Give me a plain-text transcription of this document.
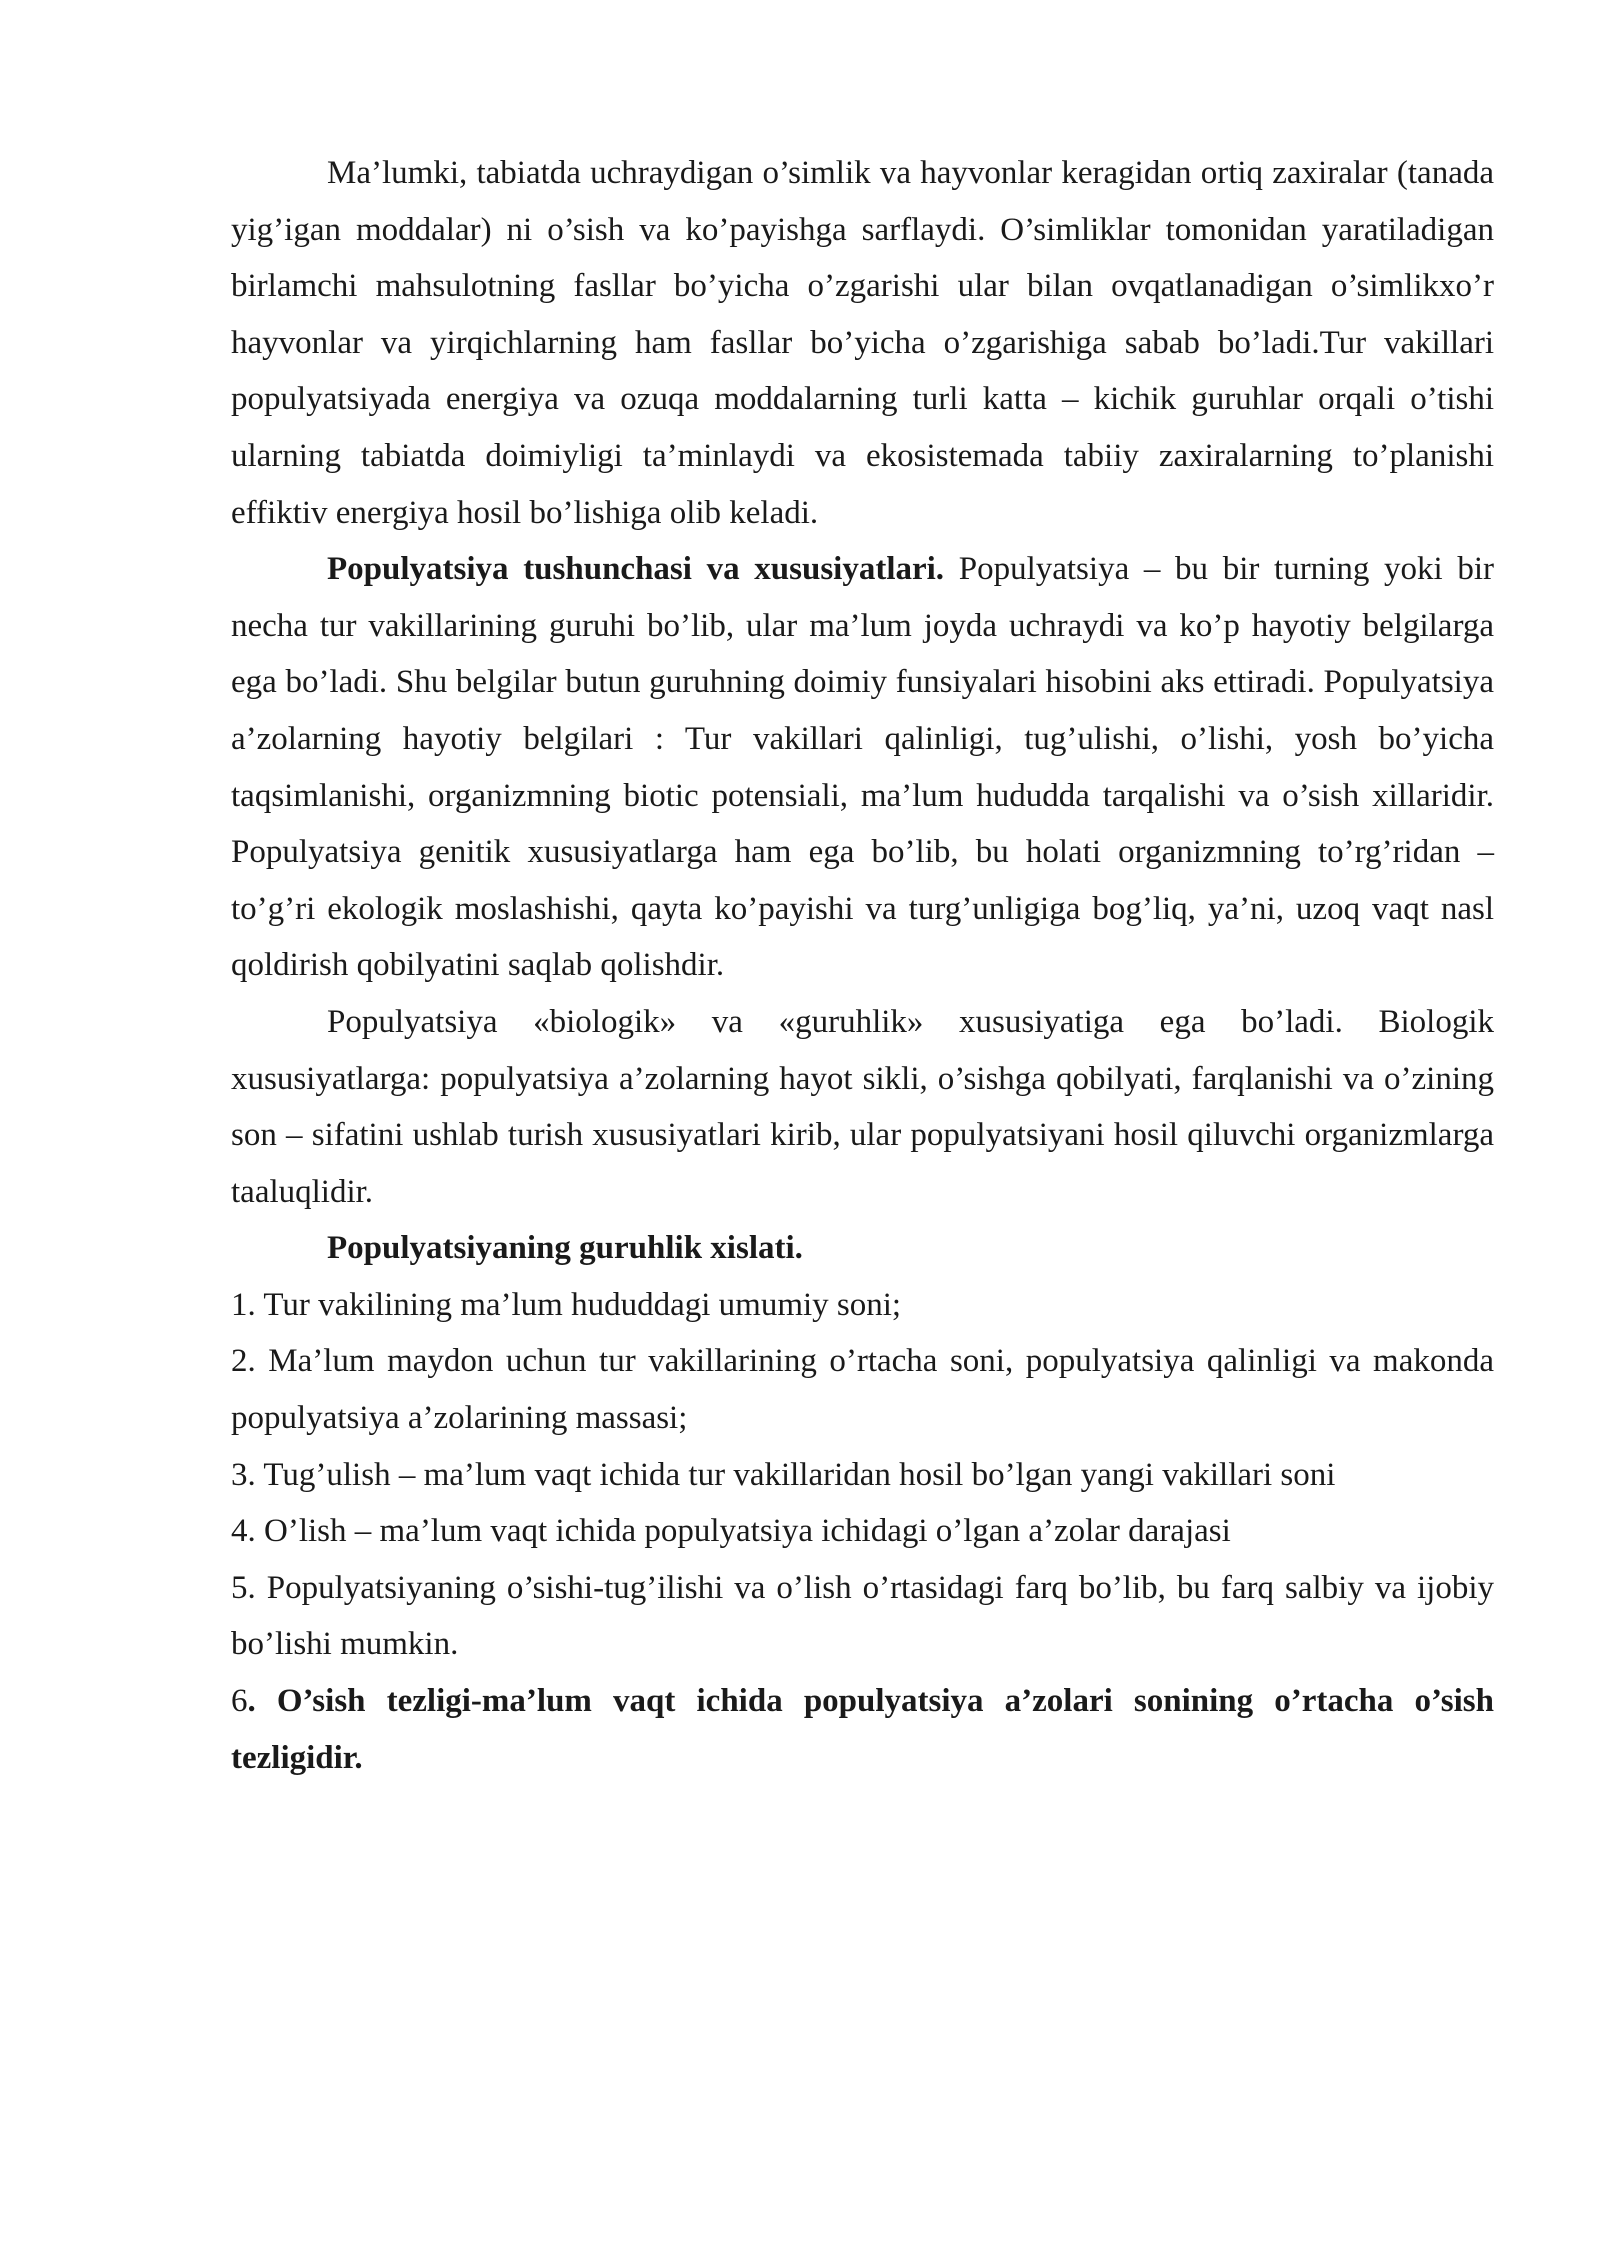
Ma’lumki, tabiatda uchraydigan o’simlik va hayvonlar keragidan ortiq zaxiralar (tanada yig’igan moddalar) ni o’sish va ko’payishga sarflaydi. O’simliklar tomonidan yaratiladigan birlamchi mahsulotning fasllar bo’yicha o’zgarishi ular bilan ovqatlanadigan o’simlikxo’r hayvonlar va yirqichlarning ham fasllar bo’yicha o’zgarishiga sabab bo’ladi.Tur vakillari populyatsiyada energiya va ozuqa moddalarning turli katta – kichik guruhlar orqali o’tishi ularning tabiatda doimiyligi ta’minlaydi va ekosistemada tabiiy zaxiralarning to’planishi effiktiv energiya hosil bo’lishiga olib keladi.

Populyatsiya tushunchasi va xususiyatlari. Populyatsiya – bu bir turning yoki bir necha tur vakillarining guruhi bo’lib, ular ma’lum joyda uchraydi va ko’p hayotiy belgilarga ega bo’ladi. Shu belgilar butun guruhning doimiy funsiyalari hisobini aks ettiradi. Populyatsiya a’zolarning hayotiy belgilari : Tur vakillari qalinligi, tug’ulishi, o’lishi, yosh bo’yicha taqsimlanishi, organizmning biotic potensiali, ma’lum hududda tarqalishi va o’sish xillaridir. Populyatsiya genitik xususiyatlarga ham ega bo’lib, bu holati organizmning to’rg’ridan – to’g’ri ekologik moslashishi, qayta ko’payishi va turg’unligiga bog’liq, ya’ni, uzoq vaqt nasl qoldirish qobilyatini saqlab qolishdir.

Populyatsiya «biologik» va «guruhlik» xususiyatiga ega bo’ladi. Biologik xususiyatlarga: populyatsiya a’zolarning hayot sikli, o’sishga qobilyati, farqlanishi va o’zining son – sifatini ushlab turish xususiyatlari kirib, ular populyatsiyani hosil qiluvchi organizmlarga taaluqlidir.

Populyatsiyaning guruhlik xislati.

1. Tur vakilining ma’lum hududdagi umumiy soni;

2. Ma’lum maydon uchun tur vakillarining o’rtacha soni, populyatsiya qalinligi va makonda populyatsiya a’zolarining massasi;

3. Tug’ulish – ma’lum vaqt ichida tur vakillaridan hosil bo’lgan yangi vakillari soni

4. O’lish – ma’lum vaqt ichida populyatsiya ichidagi o’lgan a’zolar darajasi

5. Populyatsiyaning o’sishi-tug’ilishi va o’lish o’rtasidagi farq bo’lib, bu farq salbiy va ijobiy bo’lishi mumkin.

6. O’sish tezligi-ma’lum vaqt ichida populyatsiya a’zolari sonining o’rtacha o’sish tezligidir.
